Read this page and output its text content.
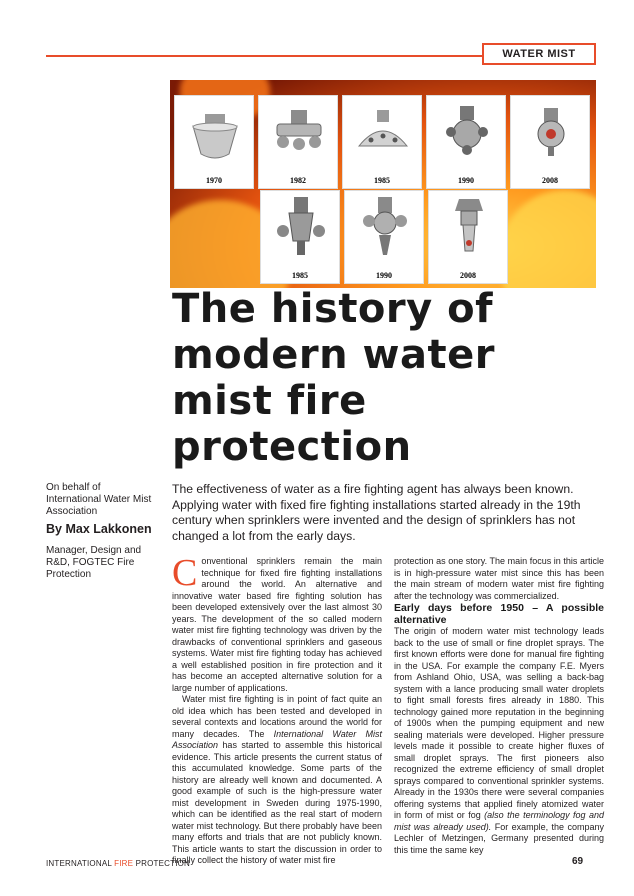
WATER MIST
1970	1982	1985	1990	2008
1985	1990	2008
The history of
modern water
mist fire
protection
On behalf of International Water Mist Association
By Max Lakkonen
Manager, Design and R&D, FOGTEC Fire Protection

The effectiveness of water as a fire fighting agent has always been known. Applying water with fixed fire fighting installations started already in the 19th century when sprinklers were invented and the design of sprinklers has not changed a lot from the early days.

Conventional sprinklers remain the main technique for fixed fire fighting installations around the world. An alternative and innovative water based fire fighting solution has been developed extensively over the last almost 30 years. The development of the so called modern water mist fire fighting technology was driven by the drawbacks of conventional sprinklers and gaseous systems. Water mist fire fighting today has achieved a well established position in fire protection and it has become an accepted alternative solution for a large number of applications.

Water mist fire fighting is in point of fact quite an old idea which has been tested and developed in several contexts and locations around the world for many decades. The International Water Mist Association has started to assemble this historical evidence. This article presents the current status of this accumulated knowledge. Some parts of the history are already well known and documented. A good example of such is the high-pressure water mist development in Sweden during 1975-1990, which can be identified as the real start of modern water mist technology. But there probably have been many efforts and trials that are not publicly known. This article wants to start the discussion in order to finally collect the history of water mist fire

protection as one story. The main focus in this article is in high-pressure water mist since this has been the main stream of modern water mist fire fighting after the technology was commercialized.

Early days before 1950 – A possible alternative

The origin of modern water mist technology leads back to the use of small or fine droplet sprays. The first known efforts were done for manual fire fighting in the USA. For example the company F.E. Myers from Ashland Ohio, USA, was selling a back-bag system with a lance producing small water droplets to fight small forests fires already in 1880. This technology gained more reputation in the beginning of 1900s when the pumping equipment and new sealing materials were developed. Higher pressure levels made it possible to create higher fluxes of small droplet sprays. The first pioneers also recognized the extreme efficiency of small droplet sprays compared to conventional sprinkler systems. Already in the 1930s there were several companies offering systems that applied finely atomized water in form of mist or fog (also the terminology fog and mist was already used). For example, the company Lechler of Metzingen, Germany presented during this time the same key

INTERNATIONAL FIRE PROTECTION	69
